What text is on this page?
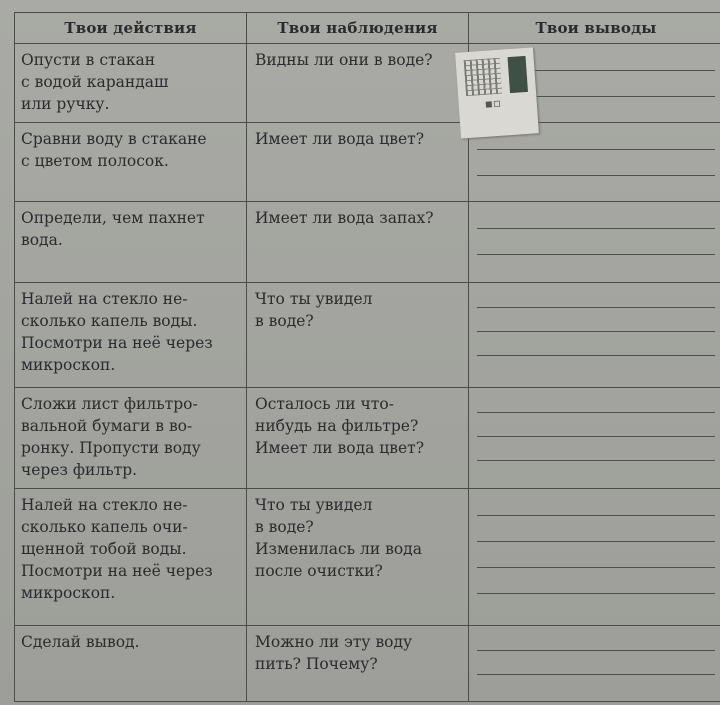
Твои действия	Твои наблюдения	Твои выводы

Опусти в стакан
с водой карандаш
или ручку.	Видны ли они в воде?	

Сравни воду в стакане
с цветом полосок.	Имеет ли вода цвет?	

Определи, чем пахнет
вода.	Имеет ли вода запах?	

Налей на стекло не-
сколько капель воды.
Посмотри на неё через
микроскоп.	Что ты увидел
в воде?	

Сложи лист фильтро-
вальной бумаги в во-
ронку. Пропусти воду
через фильтр.	Осталось ли что-
нибудь на фильтре?
Имеет ли вода цвет?	

Налей на стекло не-
сколько капель очи-
щенной тобой воды.
Посмотри на неё через
микроскоп.	Что ты увидел
в воде?
Изменилась ли вода
после очистки?	

Сделай вывод.	Можно ли эту воду
пить? Почему?	

▪▫
